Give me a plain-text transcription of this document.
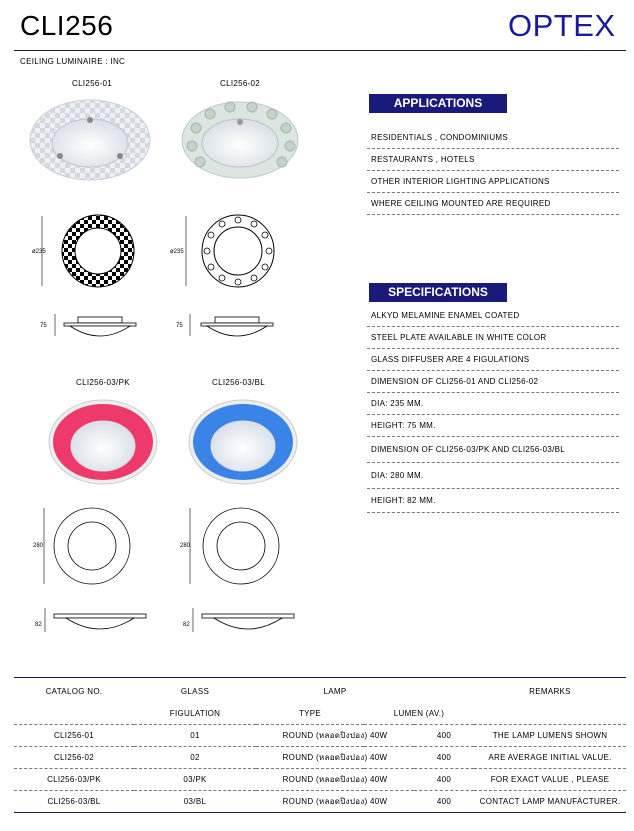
CLI256	OPTEX
CEILING LUMINAIRE : INC
CLI256-01	CLI256-02
CLI256-03/PK	CLI256-03/BL
ø235	ø235
75	75
280	280
82	82
APPLICATIONS
RESIDENTIALS , CONDOMINIUMS
RESTAURANTS , HOTELS
OTHER INTERIOR LIGHTING APPLICATIONS
WHERE CEILING MOUNTED ARE REQUIRED
SPECIFICATIONS
ALKYD MELAMINE ENAMEL COATED
STEEL PLATE AVAILABLE IN WHITE COLOR
GLASS DIFFUSER ARE 4 FIGULATIONS
DIMENSION OF CLI256-01 AND CLI256-02
DIA: 235 MM.
HEIGHT: 75 MM.
DIMENSION OF CLI256-03/PK AND CLI256-03/BL
DIA: 280 MM.
HEIGHT: 82 MM.
CATALOG NO.	GLASS	LAMP			REMARKS
	FIGULATION	TYPE	LUMEN (AV.)		
CLI256-01	01	ROUND (หลอดปิงปอง) 40W		400	THE LAMP LUMENS SHOWN
CLI256-02	02	ROUND (หลอดปิงปอง) 40W		400	ARE AVERAGE INITIAL VALUE.
CLI256-03/PK	03/PK	ROUND (หลอดปิงปอง) 40W		400	FOR EXACT VALUE , PLEASE
CLI256-03/BL	03/BL	ROUND (หลอดปิงปอง) 40W		400	CONTACT LAMP MANUFACTURER.
